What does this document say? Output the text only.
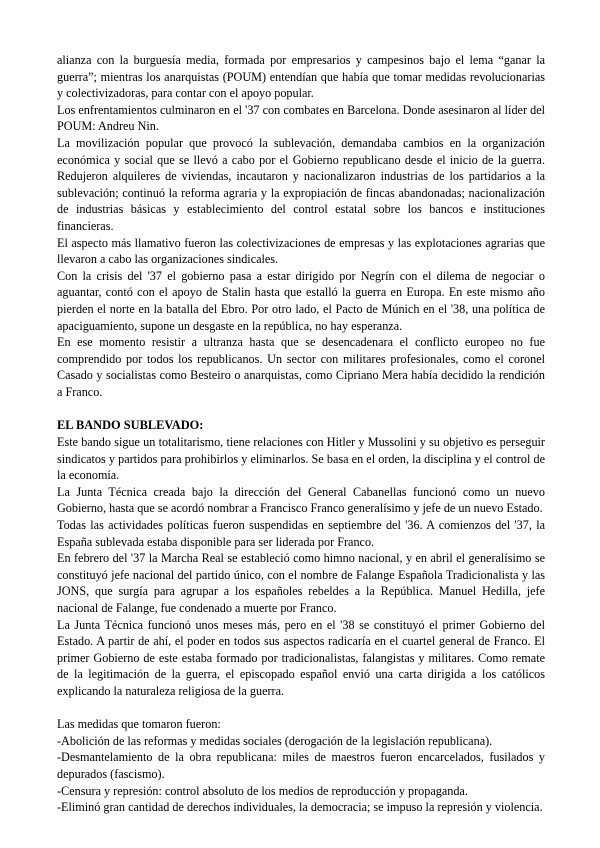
alianza con la burguesía media, formada por empresarios y campesinos bajo el lema “ganar la guerra”; mientras los anarquistas (POUM) entendían que había que tomar medidas revolucionarias y colectivizadoras, para contar con el apoyo popular.

Los enfrentamientos culminaron en el '37 con combates en Barcelona. Donde asesinaron al líder del POUM: Andreu Nin.

La movilización popular que provocó la sublevación, demandaba cambios en la organización económica y social que se llevó a cabo por el Gobierno republicano desde el inicio de la guerra. Redujeron alquileres de viviendas, incautaron y nacionalizaron industrias de los partidarios a la sublevación; continuó la reforma agraria y la expropiación de fincas abandonadas; nacionalización de industrias básicas y establecimiento del control estatal sobre los bancos e instituciones financieras.

El aspecto más llamativo fueron las colectivizaciones de empresas y las explotaciones agrarias que llevaron a cabo las organizaciones sindicales.

Con la crisis del '37 el gobierno pasa a estar dirigido por Negrín con el dilema de negociar o aguantar, contó con el apoyo de Stalin hasta que estalló la guerra en Europa. En este mismo año pierden el norte en la batalla del Ebro. Por otro lado, el Pacto de Múnich en el '38, una política de apaciguamiento, supone un desgaste en la república, no hay esperanza.

En ese momento resistir a ultranza hasta que se desencadenara el conflicto europeo no fue comprendido por todos los republicanos. Un sector con militares profesionales, como el coronel Casado y socialistas como Besteiro o anarquistas, como Cipriano Mera había decidido la rendición a Franco.

EL BANDO SUBLEVADO:

Este bando sigue un totalitarismo, tiene relaciones con Hitler y Mussolini y su objetivo es perseguir sindicatos y partidos para prohibirlos y eliminarlos. Se basa en el orden, la disciplina y el control de la economía.

La Junta Técnica creada bajo la dirección del General Cabanellas funcionó como un nuevo Gobierno, hasta que se acordó nombrar a Francisco Franco generalísimo y jefe de un nuevo Estado.

Todas las actividades políticas fueron suspendidas en septiembre del '36. A comienzos del '37, la España sublevada estaba disponible para ser liderada por Franco.

En febrero del '37 la Marcha Real se estableció como himno nacional, y en abril el generalísimo se constituyó jefe nacional del partido único, con el nombre de Falange Española Tradicionalista y las JONS, que surgía para agrupar a los españoles rebeldes a la República. Manuel Hedilla, jefe nacional de Falange, fue condenado a muerte por Franco.

La Junta Técnica funcionó unos meses más, pero en el '38 se constituyó el primer Gobierno del Estado. A partir de ahí, el poder en todos sus aspectos radicaría en el cuartel general de Franco. El primer Gobierno de este estaba formado por tradicionalistas, falangistas y militares. Como remate de la legitimación de la guerra, el episcopado español envió una carta dirigida a los católicos explicando la naturaleza religiosa de la guerra.

Las medidas que tomaron fueron:

-Abolición de las reformas y medidas sociales (derogación de la legislación republicana).

-Desmantelamiento de la obra republicana: miles de maestros fueron encarcelados, fusilados y depurados (fascismo).

-Censura y represión: control absoluto de los medios de reproducción y propaganda.

-Eliminó gran cantidad de derechos individuales, la democracia; se impuso la represión y violencia.
